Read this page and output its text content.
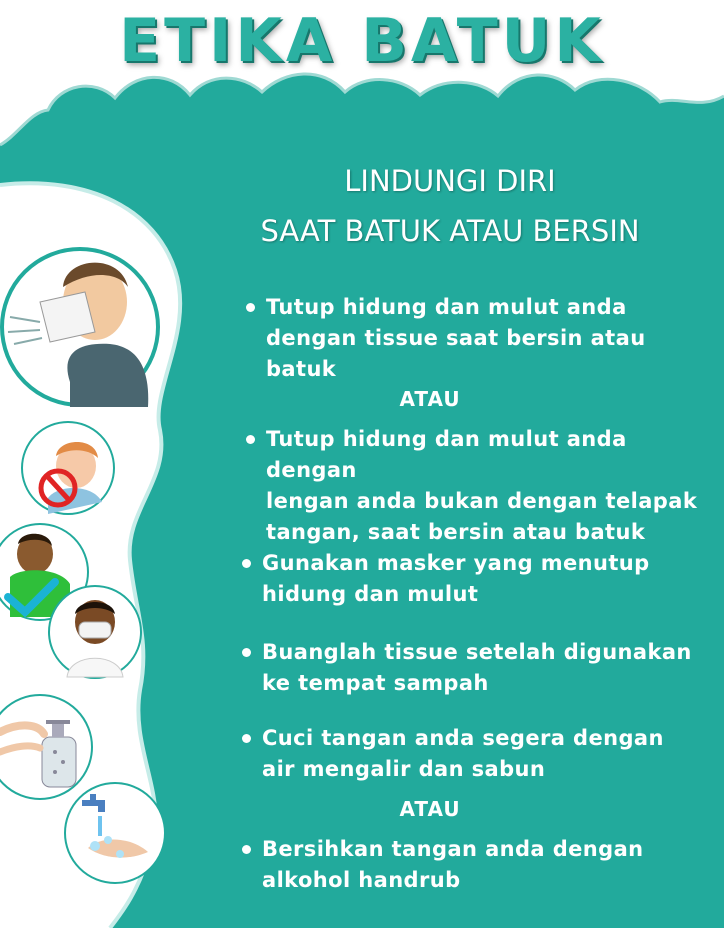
ETIKA BATUK
LINDUNGI DIRI
SAAT BATUK ATAU BERSIN
Tutup hidung dan mulut anda
dengan tissue saat bersin atau
batuk
ATAU
Tutup hidung dan mulut anda dengan
lengan anda bukan dengan telapak
tangan, saat bersin atau batuk
Gunakan masker yang menutup
hidung dan mulut
Buanglah tissue setelah digunakan
ke tempat sampah
Cuci tangan anda segera dengan
air mengalir dan sabun
ATAU
Bersihkan tangan anda dengan
alkohol handrub
